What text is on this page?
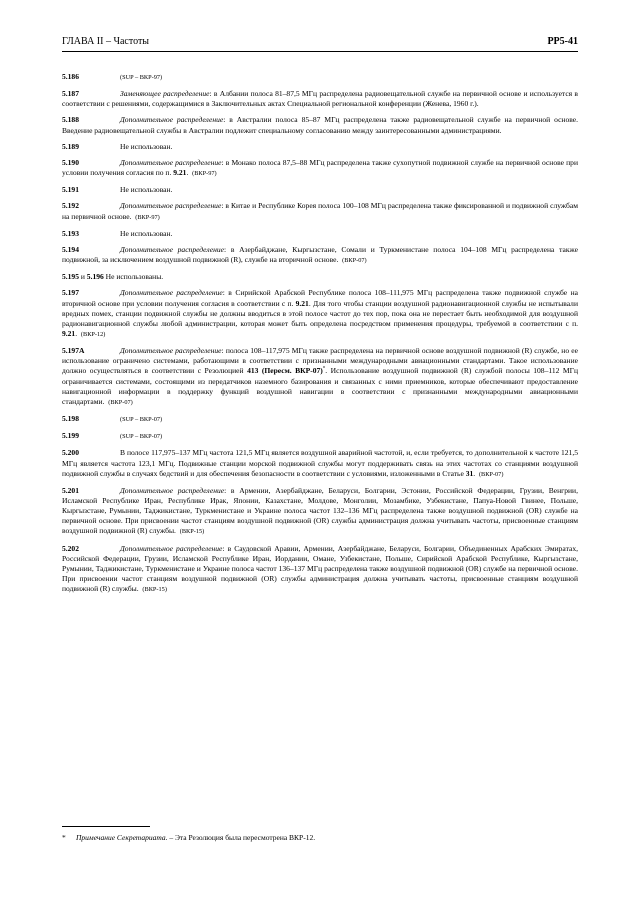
ГЛАВА II – Частоты	РР5-41

5.186	(SUP – ВКР-97)

5.187	Заменяющее распределение: в Албании полоса 81–87,5 МГц распределена радиовещательной службе на первичной основе и используется в соответствии с решениями, содержащимися в Заключительных актах Специальной региональной конференции (Женева, 1960 г.).

5.188	Дополнительное распределение: в Австралии полоса 85–87 МГц распределена также радиовещательной службе на первичной основе. Введение радиовещательной службы в Австралии подлежит специальному согласованию между заинтересованными администрациями.

5.189	Не использован.

5.190	Дополнительное распределение: в Монако полоса 87,5–88 МГц распределена также сухопутной подвижной службе на первичной основе при условии получения согласия по п. 9.21. (ВКР-97)

5.191	Не использован.

5.192	Дополнительное распределение: в Китае и Республике Корея полоса 100–108 МГц распределена также фиксированной и подвижной службам на первичной основе. (ВКР-97)

5.193	Не использован.

5.194	Дополнительное распределение: в Азербайджане, Кыргызстане, Сомали и Туркменистане полоса 104–108 МГц распределена также подвижной, за исключением воздушной подвижной (R), службе на вторичной основе. (ВКР-07)

5.195 и 5.196 Не использованы.

5.197	Дополнительное распределение: в Сирийской Арабской Республике полоса 108–111,975 МГц распределена также подвижной службе на вторичной основе при условии получения согласия в соответствии с п. 9.21. Для того чтобы станции воздушной радионавигационной службы не испытывали вредных помех, станции подвижной службы не должны вводиться в этой полосе частот до тех пор, пока она не перестает быть необходимой для воздушной радионавигационной службы любой администрации, которая может быть определена посредством применения процедуры, требуемой в соответствии с п. 9.21. (ВКР-12)

5.197А	Дополнительное распределение: полоса 108–117,975 МГц также распределена на первичной основе воздушной подвижной (R) службе, но ее использование ограничено системами, работающими в соответствии с признанными международными авиационными стандартами. Такое использование должно осуществляться в соответствии с Резолюцией 413 (Пересм. ВКР-07)*. Использование воздушной подвижной (R) службой полосы 108–112 МГц ограничивается системами, состоящими из передатчиков наземного базирования и связанных с ними приемников, которые обеспечивают предоставление навигационной информации в поддержку функций воздушной навигации в соответствии с признанными международными авиационными стандартами. (ВКР-07)

5.198	(SUP – ВКР-07)

5.199	(SUP – ВКР-07)

5.200	В полосе 117,975–137 МГц частота 121,5 МГц является воздушной аварийной частотой, и, если требуется, то дополнительной к частоте 121,5 МГц является частота 123,1 МГц. Подвижные станции морской подвижной службы могут поддерживать связь на этих частотах со станциями воздушной подвижной службы в случаях бедствий и для обеспечения безопасности в соответствии с условиями, изложенными в Статье 31. (ВКР-07)

5.201	Дополнительное распределение: в Армении, Азербайджане, Беларуси, Болгарии, Эстонии, Российской Федерации, Грузии, Венгрии, Исламской Республике Иран, Республике Ирак, Японии, Казахстане, Молдове, Монголии, Мозамбике, Узбекистане, Папуа-Новой Гвинее, Польше, Кыргызстане, Румынии, Таджикистане, Туркменистане и Украине полоса частот 132–136 МГц распределена также воздушной подвижной (OR) службе на первичной основе. При присвоении частот станциям воздушной подвижной (OR) службы администрация должна учитывать частоты, присвоенные станциям воздушной подвижной (R) службы. (ВКР-15)

5.202	Дополнительное распределение: в Саудовской Аравии, Армении, Азербайджане, Беларуси, Болгарии, Объединенных Арабских Эмиратах, Российской Федерации, Грузии, Исламской Республике Иран, Иордании, Омане, Узбекистане, Польше, Сирийской Арабской Республике, Кыргызстане, Румынии, Таджикистане, Туркменистане и Украине полоса частот 136–137 МГц распределена также воздушной подвижной (OR) службе на первичной основе. При присвоении частот станциям воздушной подвижной (OR) службы администрация должна учитывать частоты, присвоенные станциям воздушной подвижной (R) службы. (ВКР-15)

* Примечание Секретариата. – Эта Резолюция была пересмотрена ВКР-12.
